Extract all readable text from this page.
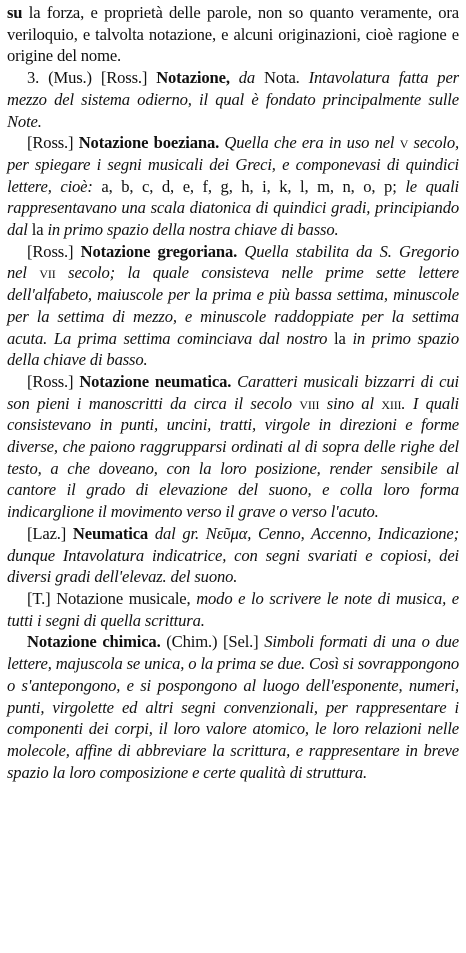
su la forza, e proprietà delle parole, non so quanto veramente, ora veriloquio, e talvolta notazione, e alcuni originazioni, cioè ragione e origine del nome.

3. (Mus.) [Ross.] Notazione, da Nota. Intavolatura fatta per mezzo del sistema odierno, il qual è fondato principalmente sulle Note.

[Ross.] Notazione boeziana. Quella che era in uso nel v secolo, per spiegare i segni musicali dei Greci, e componevasi di quindici lettere, cioè: a, b, c, d, e, f, g, h, i, k, l, m, n, o, p; le quali rappresentavano una scala diatonica di quindici gradi, principiando dal la in primo spazio della nostra chiave di basso.

[Ross.] Notazione gregoriana. Quella stabilita da S. Gregorio nel vii secolo; la quale consisteva nelle prime sette lettere dell'alfabeto, maiuscole per la prima e più bassa settima, minuscole per la settima di mezzo, e minuscole raddoppiate per la settima acuta. La prima settima cominciava dal nostro la in primo spazio della chiave di basso.

[Ross.] Notazione neumatica. Caratteri musicali bizzarri di cui son pieni i manoscritti da circa il secolo viii sino al xiii. I quali consistevano in punti, uncini, tratti, virgole in direzioni e forme diverse, che paiono raggrupparsi ordinati al di sopra delle righe del testo, a che doveano, con la loro posizione, render sensibile al cantore il grado di elevazione del suono, e colla loro forma indicarglione il movimento verso il grave o verso l'acuto.

[Laz.] Neumatica dal gr. Νεῦμα, Cenno, Accenno, Indicazione; dunque Intavolatura indicatrice, con segni svariati e copiosi, dei diversi gradi dell'elevaz. del suono.

[T.] Notazione musicale, modo e lo scrivere le note di musica, e tutti i segni di quella scrittura.

Notazione chimica. (Chim.) [Sel.] Simboli formati di una o due lettere, majuscola se unica, o la prima se due. Così si sovrappongono o s'antepongono, e si pospongono al luogo dell'esponente, numeri, punti, virgolette ed altri segni convenzionali, per rappresentare i componenti dei corpi, il loro valore atomico, le loro relazioni nelle molecole, affine di abbreviare la scrittura, e rappresentare in breve spazio la loro composizione e certe qualità di struttura.
